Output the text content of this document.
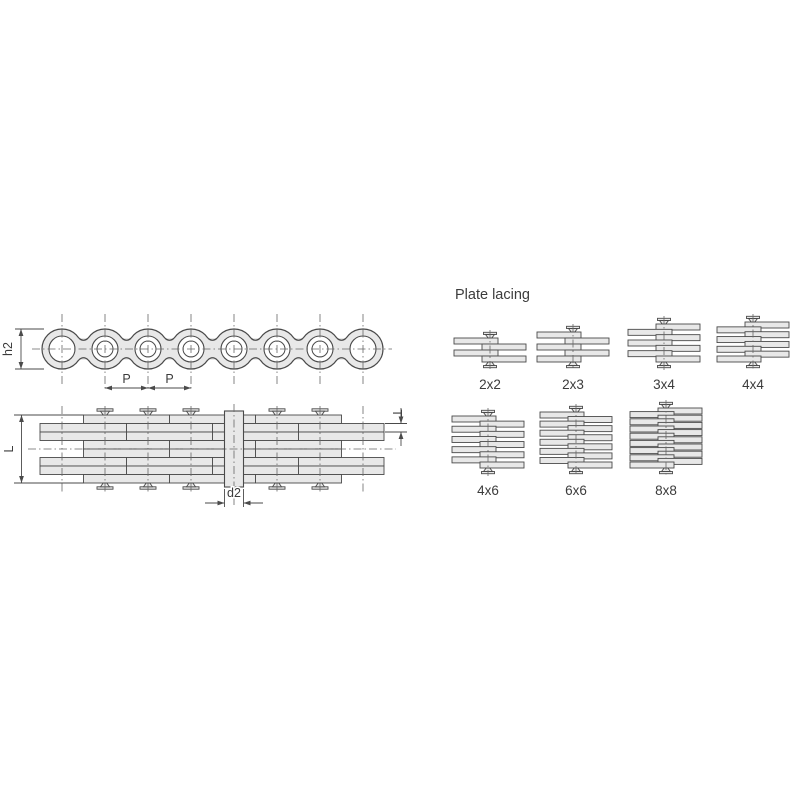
h2
P	P
L
d2
T
Plate lacing
2x2	2x3	3x4	4x4
4x6	6x6	8x8
